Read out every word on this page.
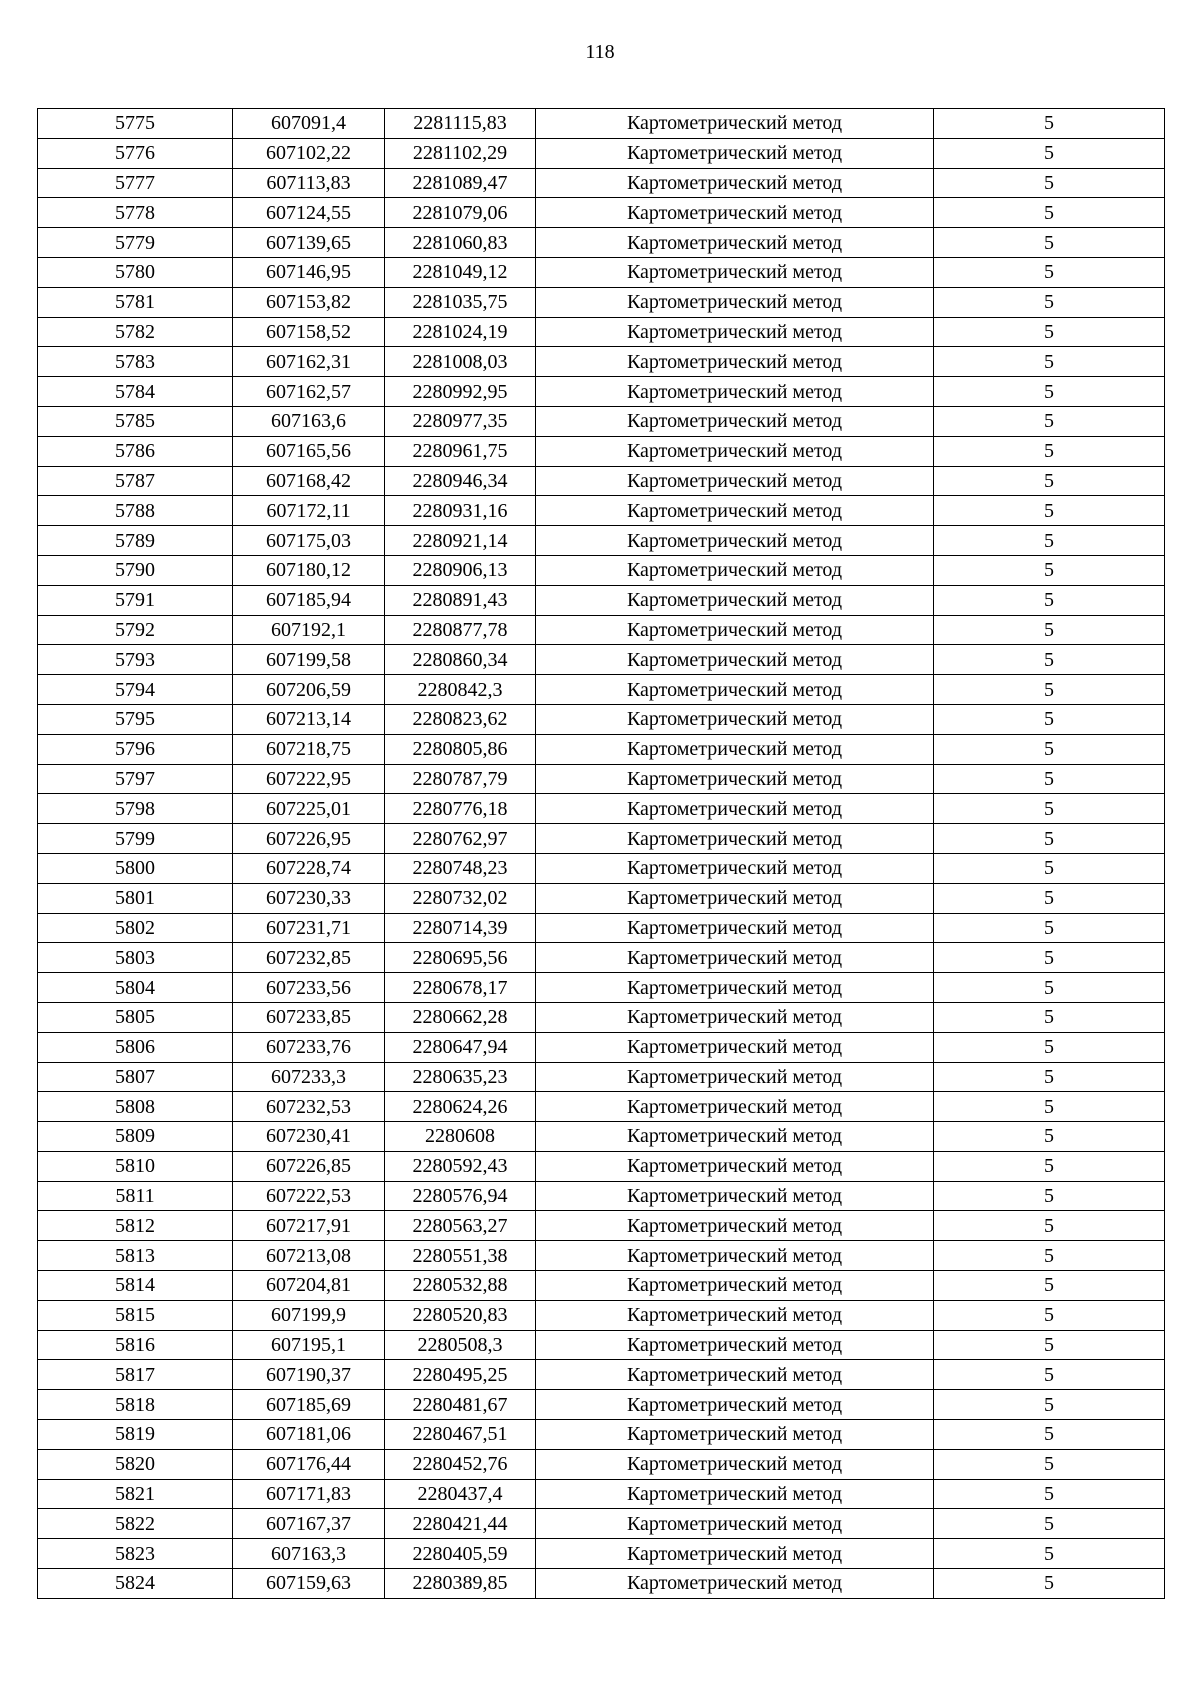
118
5775	607091,4	2281115,83	Картометрический метод	5
5776	607102,22	2281102,29	Картометрический метод	5
5777	607113,83	2281089,47	Картометрический метод	5
5778	607124,55	2281079,06	Картометрический метод	5
5779	607139,65	2281060,83	Картометрический метод	5
5780	607146,95	2281049,12	Картометрический метод	5
5781	607153,82	2281035,75	Картометрический метод	5
5782	607158,52	2281024,19	Картометрический метод	5
5783	607162,31	2281008,03	Картометрический метод	5
5784	607162,57	2280992,95	Картометрический метод	5
5785	607163,6	2280977,35	Картометрический метод	5
5786	607165,56	2280961,75	Картометрический метод	5
5787	607168,42	2280946,34	Картометрический метод	5
5788	607172,11	2280931,16	Картометрический метод	5
5789	607175,03	2280921,14	Картометрический метод	5
5790	607180,12	2280906,13	Картометрический метод	5
5791	607185,94	2280891,43	Картометрический метод	5
5792	607192,1	2280877,78	Картометрический метод	5
5793	607199,58	2280860,34	Картометрический метод	5
5794	607206,59	2280842,3	Картометрический метод	5
5795	607213,14	2280823,62	Картометрический метод	5
5796	607218,75	2280805,86	Картометрический метод	5
5797	607222,95	2280787,79	Картометрический метод	5
5798	607225,01	2280776,18	Картометрический метод	5
5799	607226,95	2280762,97	Картометрический метод	5
5800	607228,74	2280748,23	Картометрический метод	5
5801	607230,33	2280732,02	Картометрический метод	5
5802	607231,71	2280714,39	Картометрический метод	5
5803	607232,85	2280695,56	Картометрический метод	5
5804	607233,56	2280678,17	Картометрический метод	5
5805	607233,85	2280662,28	Картометрический метод	5
5806	607233,76	2280647,94	Картометрический метод	5
5807	607233,3	2280635,23	Картометрический метод	5
5808	607232,53	2280624,26	Картометрический метод	5
5809	607230,41	2280608	Картометрический метод	5
5810	607226,85	2280592,43	Картометрический метод	5
5811	607222,53	2280576,94	Картометрический метод	5
5812	607217,91	2280563,27	Картометрический метод	5
5813	607213,08	2280551,38	Картометрический метод	5
5814	607204,81	2280532,88	Картометрический метод	5
5815	607199,9	2280520,83	Картометрический метод	5
5816	607195,1	2280508,3	Картометрический метод	5
5817	607190,37	2280495,25	Картометрический метод	5
5818	607185,69	2280481,67	Картометрический метод	5
5819	607181,06	2280467,51	Картометрический метод	5
5820	607176,44	2280452,76	Картометрический метод	5
5821	607171,83	2280437,4	Картометрический метод	5
5822	607167,37	2280421,44	Картометрический метод	5
5823	607163,3	2280405,59	Картометрический метод	5
5824	607159,63	2280389,85	Картометрический метод	5
